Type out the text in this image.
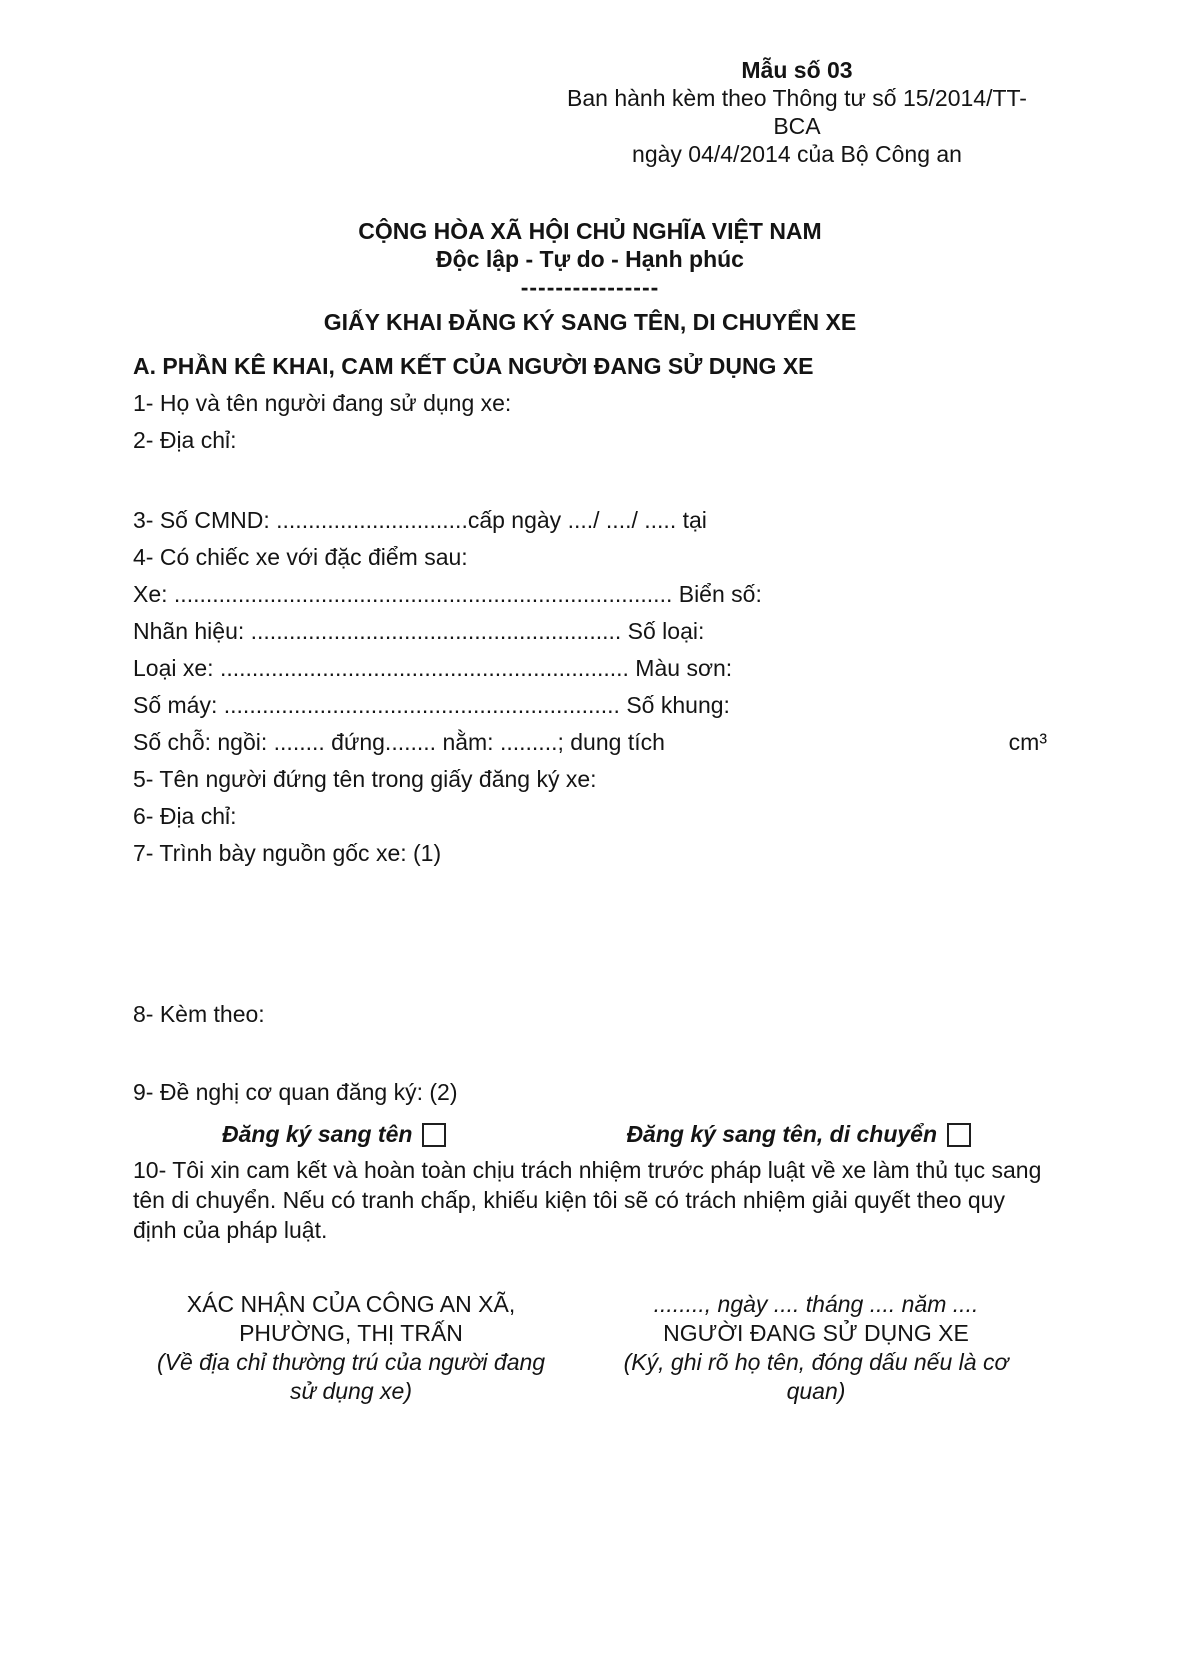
Mẫu số 03
Ban hành kèm theo Thông tư số 15/2014/TT-
BCA
ngày 04/4/2014 của Bộ Công an
CỘNG HÒA XÃ HỘI CHỦ NGHĨA VIỆT NAM
Độc lập - Tự do - Hạnh phúc
----------------
GIẤY KHAI ĐĂNG KÝ SANG TÊN, DI CHUYỂN XE
A. PHẦN KÊ KHAI, CAM KẾT CỦA NGƯỜI ĐANG SỬ DỤNG XE
1- Họ và tên người đang sử dụng xe:
2- Địa chỉ:
3- Số CMND: ..............................cấp ngày ..../ ..../ ..... tại
4- Có chiếc xe với đặc điểm sau:
Xe: .............................................................................. Biển số:
Nhãn hiệu: .......................................................... Số loại:
Loại xe: ................................................................ Màu sơn:
Số máy: .............................................................. Số khung:
Số chỗ: ngồi: ........ đứng........ nằm: .........; dung tích	cm³
5- Tên người đứng tên trong giấy đăng ký xe:
6- Địa chỉ:
7- Trình bày nguồn gốc xe: (1)
8- Kèm theo:
9- Đề nghị cơ quan đăng ký: (2)
Đăng ký sang tên	Đăng ký sang tên, di chuyển
10- Tôi xin cam kết và hoàn toàn chịu trách nhiệm trước pháp luật về xe làm thủ tục sang tên di chuyển. Nếu có tranh chấp, khiếu kiện tôi sẽ có trách nhiệm giải quyết theo quy định của pháp luật.
XÁC NHẬN CỦA CÔNG AN XÃ,
PHƯỜNG, THỊ TRẤN
(Về địa chỉ thường trú của người đang sử dụng xe)
........, ngày .... tháng .... năm ....
NGƯỜI ĐANG SỬ DỤNG XE
(Ký, ghi rõ họ tên, đóng dấu nếu là cơ quan)
